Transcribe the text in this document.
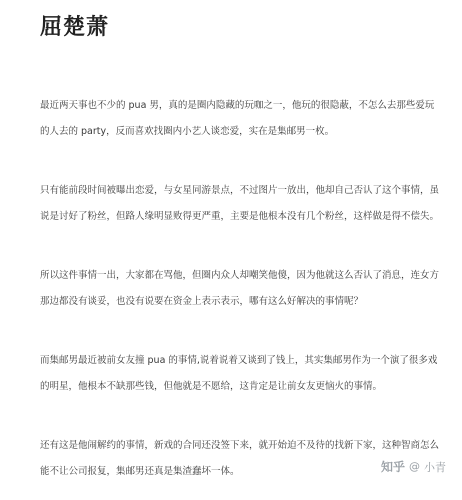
屈楚萧

最近两天事也不少的 pua 男，真的是圈内隐藏的玩咖之一，他玩的很隐蔽，不怎么去那些爱玩的人去的 party，反而喜欢找圈内小艺人谈恋爱，实在是集邮男一枚。

只有能前段时间被曝出恋爱，与女星同游景点，不过图片一放出，他却自己否认了这个事情，虽说是讨好了粉丝，但路人缘明显败得更严重，主要是他根本没有几个粉丝，这样做是得不偿失。

所以这件事情一出，大家都在骂他，但圈内众人却嘲笑他傻，因为他就这么否认了消息，连女方那边都没有谈妥，也没有说要在资金上表示表示，哪有这么好解决的事情呢？

而集邮男最近被前女友撞 pua 的事情,说着说着又谈到了钱上，其实集邮男作为一个演了很多戏的明星，他根本不缺那些钱，但他就是不愿给，这肯定是让前女友更恼火的事情。

还有这是他闹解约的事情，新戏的合同还没签下来，就开始迫不及待的找新下家，这种智商怎么能不让公司报复，集邮男还真是集渣蠢坏一体。	知乎 @ 小青
